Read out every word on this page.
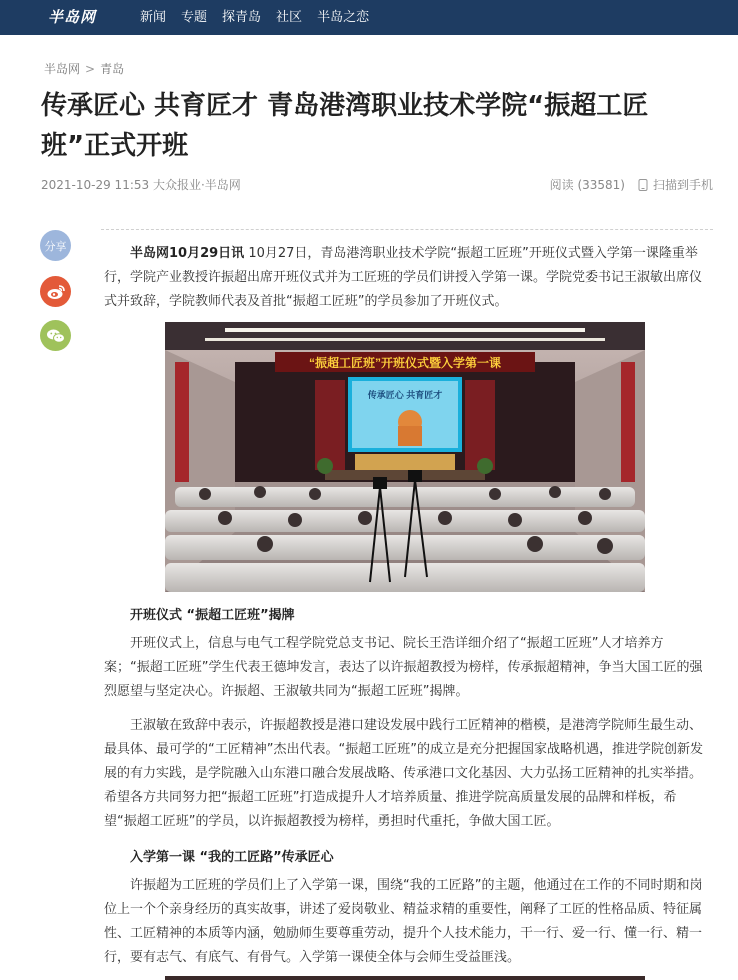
半岛网	新闻 专题 探青岛 社区 半岛之恋
半岛网 > 青岛
传承匠心 共育匠才 青岛港湾职业技术学院“振超工匠班”正式开班
2021-10-29 11:53 大众报业·半岛网	阅读 (33581) 扫描到手机
分享	半岛网10月29日讯 10月27日，青岛港湾职业技术学院“振超工匠班”开班仪式暨入学第一课隆重举行，学院产业教授许振超出席开班仪式并为工匠班的学员们讲授入学第一课。学院党委书记王淑敏出席仪式并致辞，学院教师代表及首批“振超工匠班”的学员参加了开班仪式。

“振超工匠班”开班仪式暨入学第一课
传承匠心 共育匠才

开班仪式 “振超工匠班”揭牌

开班仪式上，信息与电气工程学院党总支书记、院长王浩详细介绍了“振超工匠班”人才培养方案；“振超工匠班”学生代表王德坤发言，表达了以许振超教授为榜样，传承振超精神，争当大国工匠的强烈愿望与坚定决心。许振超、王淑敏共同为“振超工匠班”揭牌。

王淑敏在致辞中表示，许振超教授是港口建设发展中践行工匠精神的楷模，是港湾学院师生最生动、最具体、最可学的“工匠精神”杰出代表。“振超工匠班”的成立是充分把握国家战略机遇，推进学院创新发展的有力实践，是学院融入山东港口融合发展战略、传承港口文化基因、大力弘扬工匠精神的扎实举措。希望各方共同努力把“振超工匠班”打造成提升人才培养质量、推进学院高质量发展的品牌和样板，希望“振超工匠班”的学员，以许振超教授为榜样，勇担时代重托，争做大国工匠。

入学第一课 “我的工匠路”传承匠心

许振超为工匠班的学员们上了入学第一课，围绕“我的工匠路”的主题，他通过在工作的不同时期和岗位上一个个亲身经历的真实故事，讲述了爱岗敬业、精益求精的重要性，阐释了工匠的性格品质、特征属性、工匠精神的本质等内涵，勉励师生要尊重劳动，提升个人技术能力，干一行、爱一行、懂一行、精一行，要有志气、有底气、有骨气。入学第一课使全体与会师生受益匪浅。
